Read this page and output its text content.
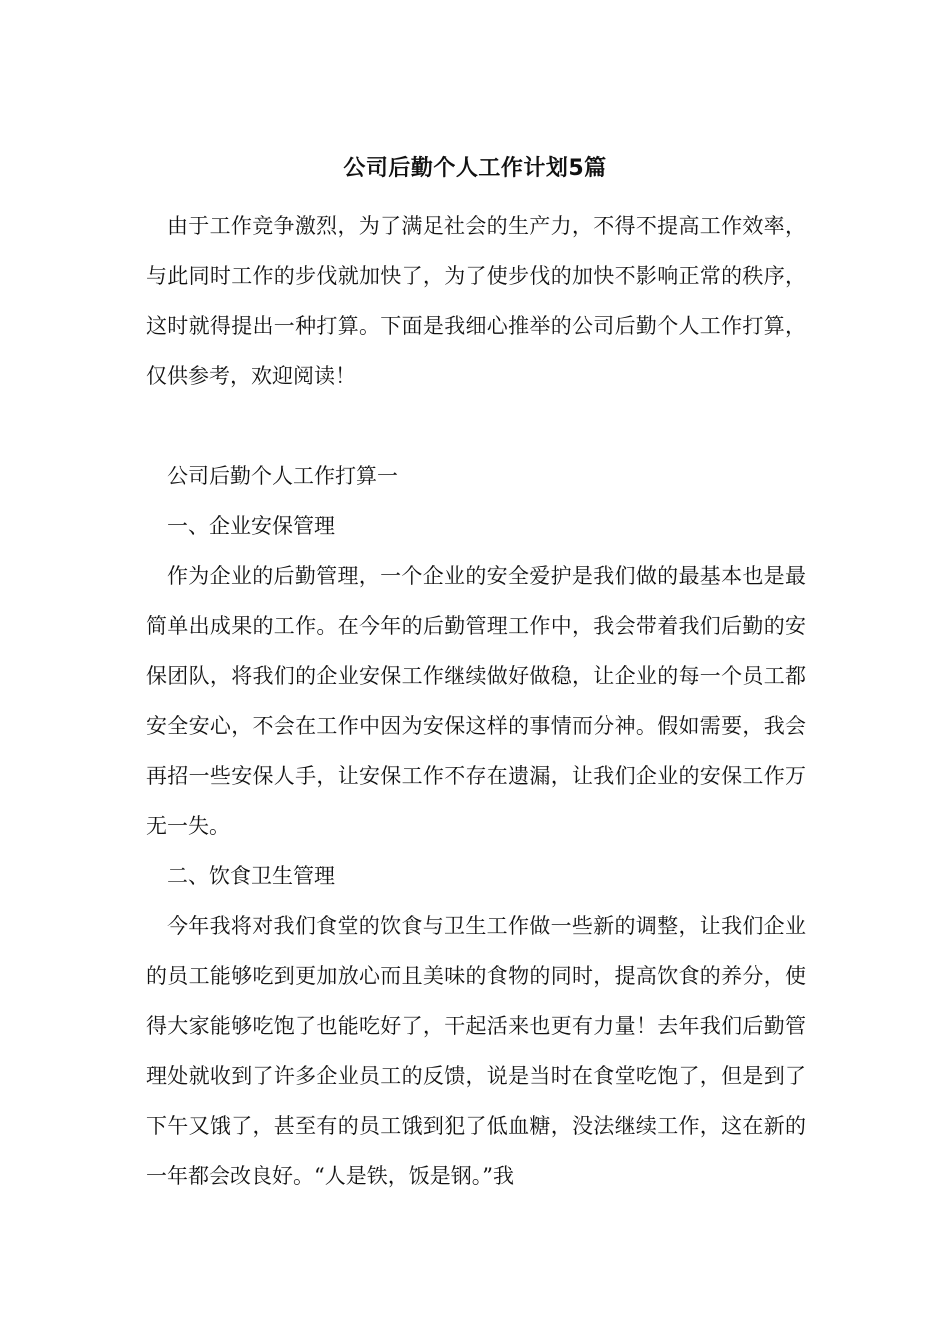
公司后勤个人工作计划5篇

由于工作竞争激烈，为了满足社会的生产力，不得不提高工作效率，与此同时工作的步伐就加快了，为了使步伐的加快不影响正常的秩序，这时就得提出一种打算。下面是我细心推举的公司后勤个人工作打算，仅供参考，欢迎阅读！

公司后勤个人工作打算一

一、企业安保管理

作为企业的后勤管理，一个企业的安全爱护是我们做的最基本也是最简单出成果的工作。在今年的后勤管理工作中，我会带着我们后勤的安保团队，将我们的企业安保工作继续做好做稳，让企业的每一个员工都安全安心，不会在工作中因为安保这样的事情而分神。假如需要，我会再招一些安保人手，让安保工作不存在遗漏，让我们企业的安保工作万无一失。

二、饮食卫生管理

今年我将对我们食堂的饮食与卫生工作做一些新的调整，让我们企业的员工能够吃到更加放心而且美味的食物的同时，提高饮食的养分，使得大家能够吃饱了也能吃好了，干起活来也更有力量！去年我们后勤管理处就收到了许多企业员工的反馈，说是当时在食堂吃饱了，但是到了下午又饿了，甚至有的员工饿到犯了低血糖，没法继续工作，这在新的一年都会改良好。“人是铁，饭是钢。”我
